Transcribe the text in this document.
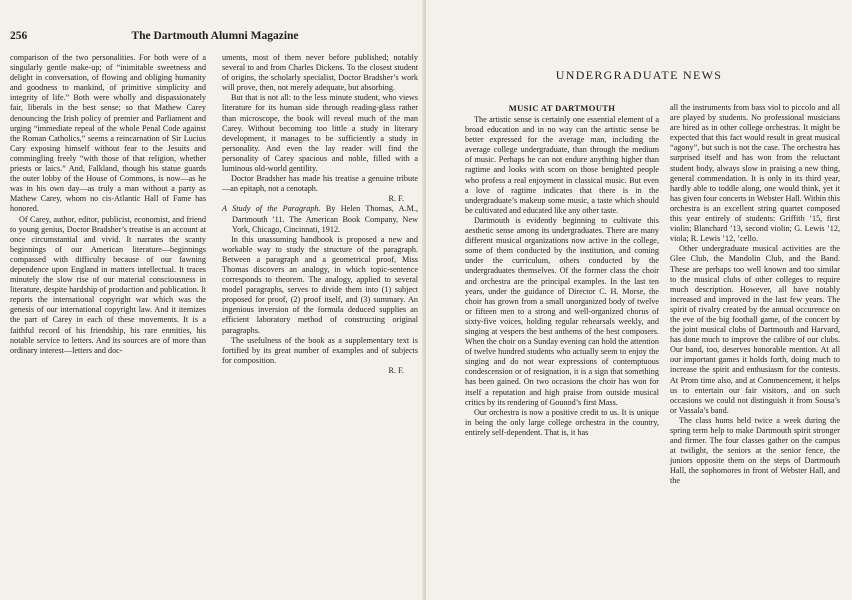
256	The Dartmouth Alumni Magazine

comparison of the two personalities. For both were of a singularly gentle make-up; of “inimitable sweetness and delight in conversation, of flowing and obliging humanity and goodness to mankind, of primitive simplicity and integrity of life.” Both were wholly and dispassionately fair, liberals in the best sense; so that Mathew Carey denouncing the Irish policy of premier and Parliament and urging “immediate repeal of the whole Penal Code against the Roman Catholics,” seems a reincarnation of Sir Lucius Cary exposing himself without fear to the Jesuits and commingling freely “with those of that religion, whether priests or laics.” And, Falkland, though his statue guards the outer lobby of the House of Commons, is now—as he was in his own day—as truly a man without a party as Mathew Carey, whom no cis-Atlantic Hall of Fame has honored.

Of Carey, author, editor, publicist, economist, and friend to young genius, Doctor Bradsher’s treatise is an account at once circumstantial and vivid. It narrates the scanty beginnings of our American literature—beginnings compassed with difficulty because of our fawning dependence upon England in matters intellectual. It traces minutely the slow rise of our material consciousness in literature, despite hardship of production and publication. It reports the international copyright war which was the genesis of our international copyright law. And it itemizes the part of Carey in each of these movements. It is a faithful record of his friendship, his rare enmities, his notable service to letters. And its sources are of more than ordinary interest—letters and doc-

uments, most of them never before published; notably several to and from Charles Dickens. To the closest student of origins, the scholarly specialist, Doctor Bradsher’s work will prove, then, not merely adequate, but absorbing.

But that is not all: to the less minute student, who views literature for its human side through reading-glass rather than microscope, the book will reveal much of the man Carey. Without becoming too little a study in literary development, it manages to be sufficiently a study in personality. And even the lay reader will find the personality of Carey spacious and noble, filled with a luminous old-world gentility.

Doctor Bradsher has made his treatise a genuine tribute—an epitaph, not a cenotaph.

R. F.

A Study of the Paragraph. By Helen Thomas, A.M., Dartmouth ’11. The American Book Company, New York, Chicago, Cincinnati, 1912.

In this unassuming handbook is proposed a new and workable way to study the structure of the paragraph. Between a paragraph and a geometrical proof, Miss Thomas discovers an analogy, in which topic-sentence corresponds to theorem. The analogy, applied to several model paragraphs, serves to divide them into (1) subject proposed for proof, (2) proof itself, and (3) summary. An ingenious inversion of the formula deduced supplies an efficient laboratory method of constructing original paragraphs.

The usefulness of the book as a supplementary text is fortified by its great number of examples and of subjects for composition.

R. F.
UNDERGRADUATE NEWS
MUSIC AT DARTMOUTH

The artistic sense is certainly one essential element of a broad education and in no way can the artistic sense be better expressed for the average man, including the average college undergraduate, than through the medium of music. Perhaps he can not endure anything higher than ragtime and looks with scorn on those benighted people who profess a real enjoyment in classical music. But even a love of ragtime indicates that there is in the undergraduate’s makeup some music, a taste which should be cultivated and educated like any other taste.

Dartmouth is evidently beginning to cultivate this aesthetic sense among its undergraduates. There are many different musical organizations now active in the college, some of them conducted by the institution, and coming under the curriculum, others conducted by the undergraduates themselves. Of the former class the choir and orchestra are the principal examples. In the last ten years, under the guidance of Director C. H. Morse, the choir has grown from a small unorganized body of twelve or fifteen men to a strong and well-organized chorus of sixty-five voices, holding regular rehearsals weekly, and singing at vespers the best anthems of the best composers. When the choir on a Sunday evening can hold the attention of twelve hundred students who actually seem to enjoy the singing and do not wear expressions of contemptuous condescension or of resignation, it is a sign that something has been gained. On two occasions the choir has won for itself a reputation and high praise from outside musical critics by its rendering of Gounod’s first Mass.

Our orchestra is now a positive credit to us. It is unique in being the only large college orchestra in the country, entirely self-dependent. That is, it has

all the instruments from bass viol to piccolo and all are played by students. No professional musicians are hired as in other college orchestras. It might be expected that this fact would result in great musical “agony”, but such is not the case. The orchestra has surprised itself and has won from the reluctant student body, always slow in praising a new thing, general commendation. It is only in its third year, hardly able to toddle along, one would think, yet it has given four concerts in Webster Hall. Within this orchestra is an excellent string quartet composed this year entirely of students: Griffith ’15, first violin; Blanchard ’13, second violin; G. Lewis ’12, viola; R. Lewis ’12, ’cello.

Other undergraduate musical activities are the Glee Club, the Mandolin Club, and the Band. These are perhaps too well known and too similar to the musical clubs of other colleges to require much description. However, all have notably increased and improved in the last few years. The spirit of rivalry created by the annual occurence on the eve of the big football game, of the concert by the joint musical clubs of Dartmouth and Harvard, has done much to improve the calibre of our clubs. Our band, too, deserves honorable mention. At all our important games it holds forth, doing much to increase the spirit and enthusiasm for the contests. At Prom time also, and at Commencement, it helps us to entertain our fair visitors, and on such occasions we could not distinguish it from Sousa’s or Vassala’s band.

The class hums held twice a week during the spring term help to make Dartmouth spirit stronger and firmer. The four classes gather on the campus at twilight, the seniors at the senior fence, the juniors opposite them on the steps of Dartmouth Hall, the sophomores in front of Webster Hall, and the
